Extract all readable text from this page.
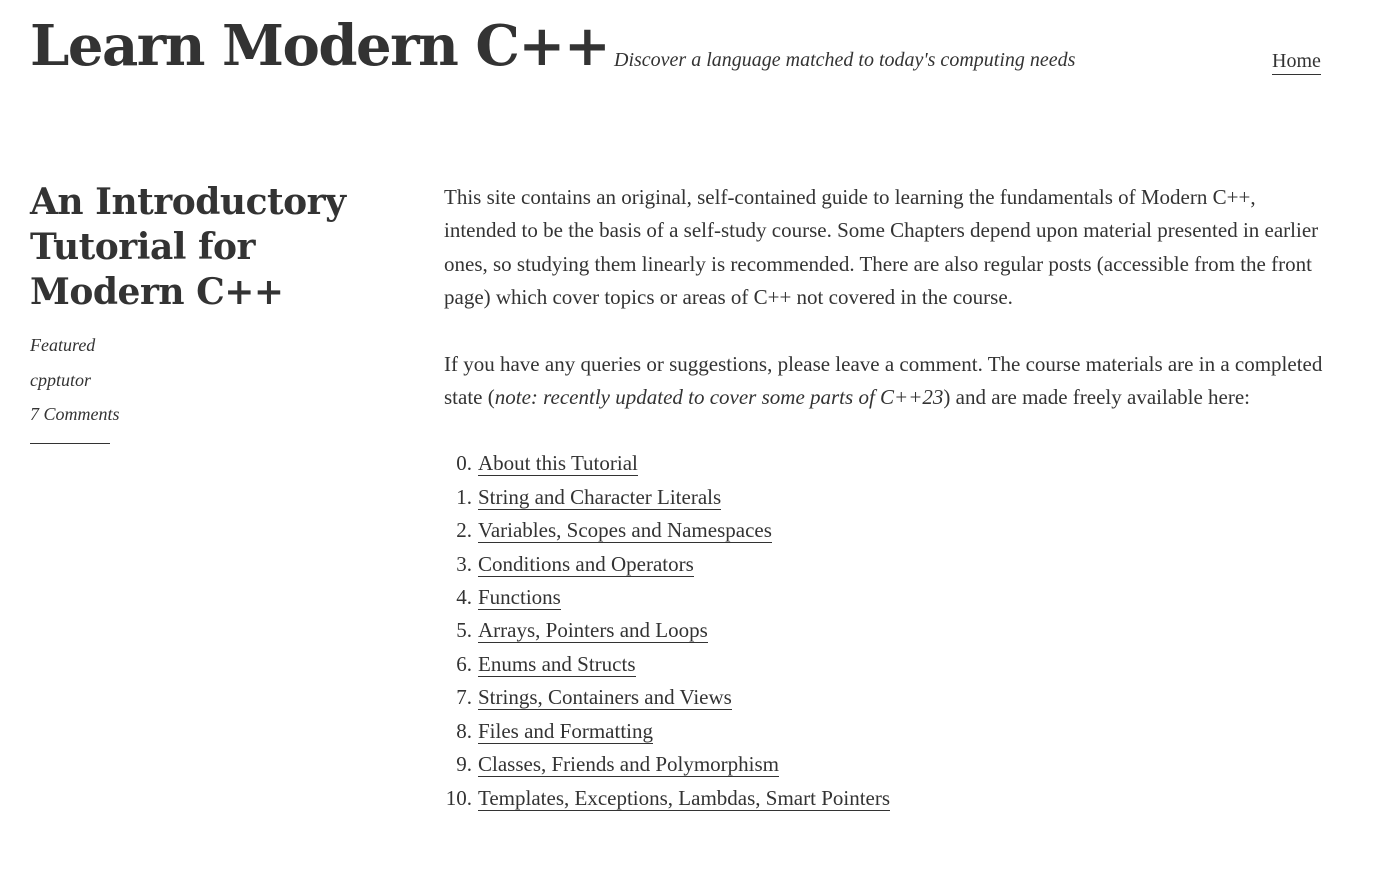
Learn Modern C++ Discover a language matched to today's computing needs	Home
An Introductory Tutorial for Modern C++
Featured
cpptutor
7 Comments

This site contains an original, self-contained guide to learning the fundamentals of Modern C++, intended to be the basis of a self-study course. Some Chapters depend upon material presented in earlier ones, so studying them linearly is recommended. There are also regular posts (accessible from the front page) which cover topics or areas of C++ not covered in the course.

If you have any queries or suggestions, please leave a comment. The course materials are in a completed state (note: recently updated to cover some parts of C++23) and are made freely available here:

0. About this Tutorial
1. String and Character Literals
2. Variables, Scopes and Namespaces
3. Conditions and Operators
4. Functions
5. Arrays, Pointers and Loops
6. Enums and Structs
7. Strings, Containers and Views
8. Files and Formatting
9. Classes, Friends and Polymorphism
10. Templates, Exceptions, Lambdas, Smart Pointers
